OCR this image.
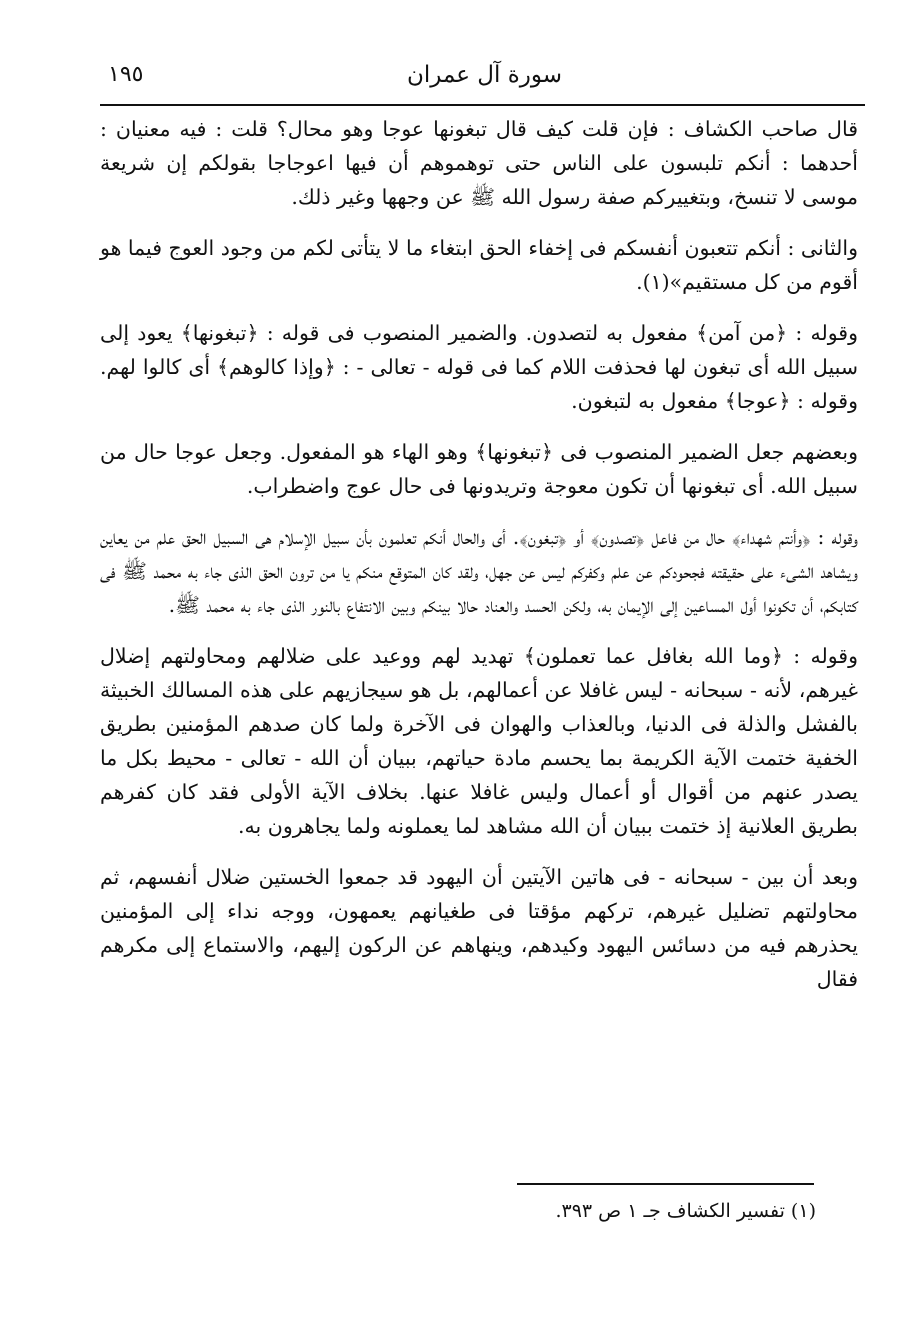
سورة آل عمران
١٩٥

قال صاحب الكشاف : فإن قلت كيف قال تبغونها عوجا وهو محال؟ قلت : فيه معنيان : أحدهما : أنكم تلبسون على الناس حتى توهموهم أن فيها اعوجاجا بقولكم إن شريعة موسى لا تنسخ، وبتغييركم صفة رسول الله ﷺ عن وجهها وغير ذلك.

والثانى : أنكم تتعبون أنفسكم فى إخفاء الحق ابتغاء ما لا يتأتى لكم من وجود العوج فيما هو أقوم من كل مستقيم»(١).

وقوله : ﴿من آمن﴾ مفعول به لتصدون. والضمير المنصوب فى قوله : ﴿تبغونها﴾ يعود إلى سبيل الله أى تبغون لها فحذفت اللام كما فى قوله - تعالى - : ﴿وإذا كالوهم﴾ أى كالوا لهم. وقوله : ﴿عوجا﴾ مفعول به لتبغون.

وبعضهم جعل الضمير المنصوب فى ﴿تبغونها﴾ وهو الهاء هو المفعول. وجعل عوجا حال من سبيل الله. أى تبغونها أن تكون معوجة وتريدونها فى حال عوج واضطراب.

وقوله : ﴿وأنتم شهداء﴾ حال من فاعل ﴿تصدون﴾ أو ﴿تبغون﴾. أى والحال أنكم تعلمون بأن سبيل الإسلام هى السبيل الحق علم من يعاين ويشاهد الشىء على حقيقته فجحودكم عن علم وكفركم ليس عن جهل، ولقد كان المتوقع منكم يا من ترون الحق الذى جاء به محمد ﷺ فى كتابكم، أن تكونوا أول المساعين إلى الإيمان به، ولكن الحسد والعناد حالا بينكم وبين الانتفاع بالنور الذى جاء به محمد ﷺ.

وقوله : ﴿وما الله بغافل عما تعملون﴾ تهديد لهم ووعيد على ضلالهم ومحاولتهم إضلال غيرهم، لأنه - سبحانه - ليس غافلا عن أعمالهم، بل هو سيجازيهم على هذه المسالك الخبيثة بالفشل والذلة فى الدنيا، وبالعذاب والهوان فى الآخرة ولما كان صدهم المؤمنين بطريق الخفية ختمت الآية الكريمة بما يحسم مادة حياتهم، ببيان أن الله - تعالى - محيط بكل ما يصدر عنهم من أقوال أو أعمال وليس غافلا عنها. بخلاف الآية الأولى فقد كان كفرهم بطريق العلانية إذ ختمت ببيان أن الله مشاهد لما يعملونه ولما يجاهرون به.

وبعد أن بين - سبحانه - فى هاتين الآيتين أن اليهود قد جمعوا الخستين ضلال أنفسهم، ثم محاولتهم تضليل غيرهم، تركهم مؤقتا فى طغيانهم يعمهون، ووجه نداء إلى المؤمنين يحذرهم فيه من دسائس اليهود وكيدهم، وينهاهم عن الركون إليهم، والاستماع إلى مكرهم فقال

(١) تفسير الكشاف جـ ١ ص ٣٩٣.
